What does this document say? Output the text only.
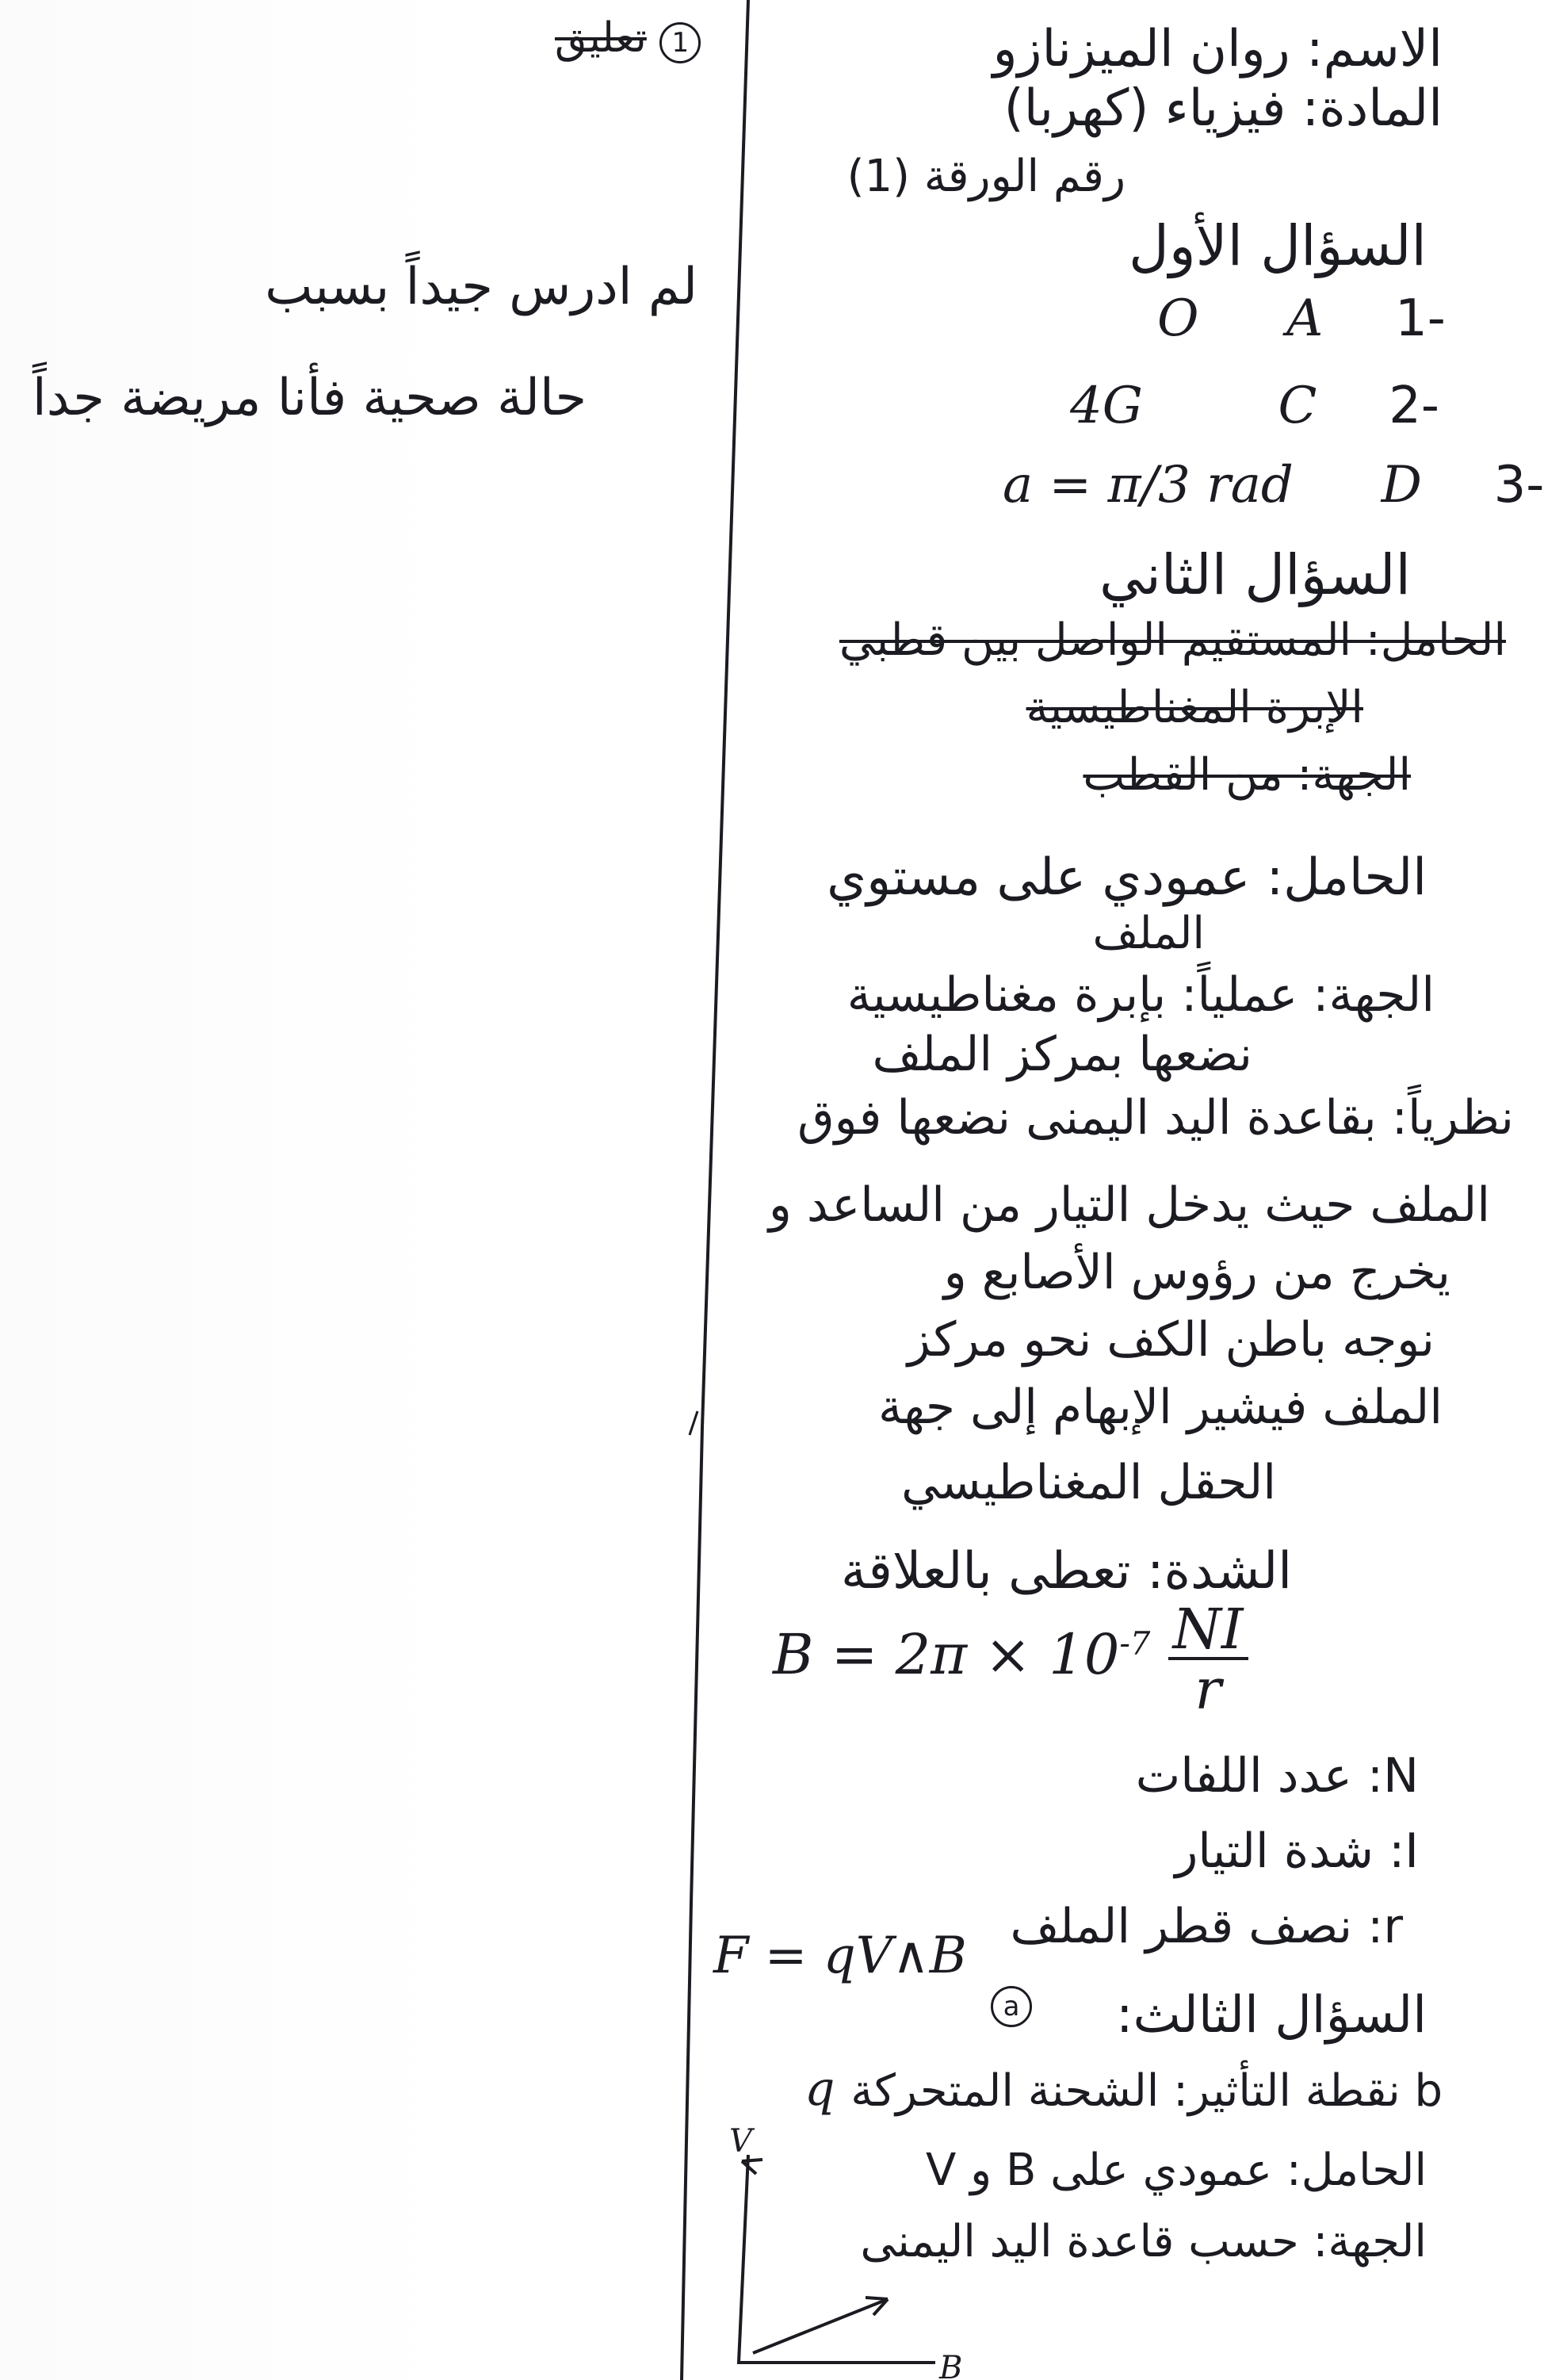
1 تعليق
لم ادرس جيداً بسبب
حالة صحية فأنا مريضة جداً
الاسم: روان الميزنازو
المادة: فيزياء (كهربا)
رقم الورقة (1)
السؤال الأول
O A 1-
4G	C 2-
a = π/3 rad D 3-
السؤال الثاني
الحامل: المستقيم الواصل بين قطبي
الإبرة المغناطيسية
الجهة: من القطب
الحامل: عمودي على مستوي
الملف
الجهة: عملياً: بإبرة مغناطيسية
نضعها بمركز الملف
نظرياً: بقاعدة اليد اليمنى نضعها فوق
الملف حيث يدخل التيار من الساعد و
يخرج من رؤوس الأصابع و
نوجه باطن الكف نحو مركز
الملف فيشير الإبهام إلى جهة
الحقل المغناطيسي
الشدة: تعطى بالعلاقة
$B = 2\pi \times 10^{-7} \frac{NI}{r}$
N: عدد اللفات
I: شدة التيار
r: نصف قطر الملف
F = qV∧B
a السؤال الثالث:
b نقطة التأثير: الشحنة المتحركة
q
الحامل: عمودي على B و V
الجهة: حسب قاعدة اليد اليمنى
V
B
